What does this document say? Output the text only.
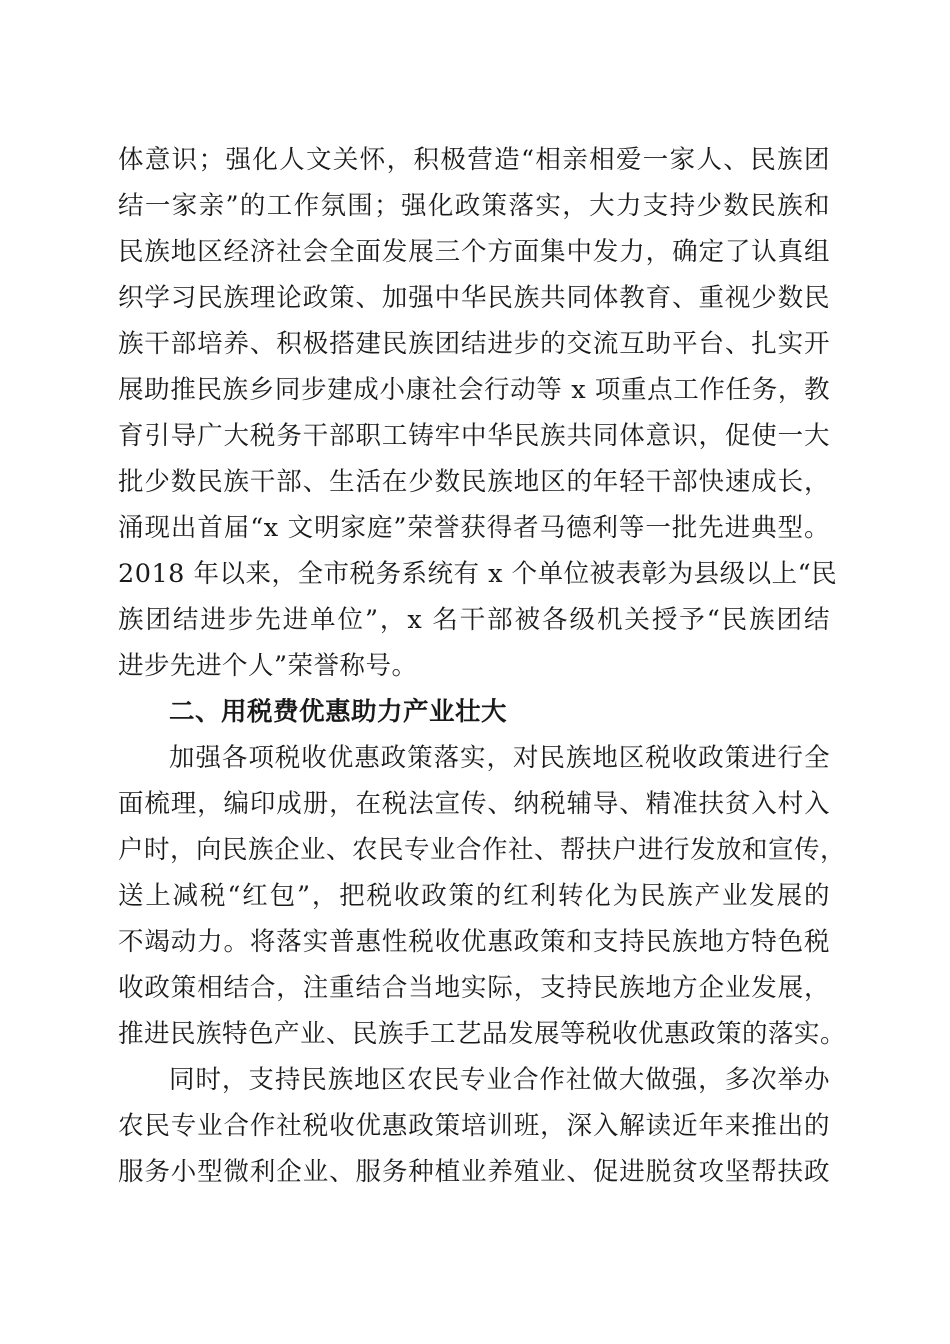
体意识；强化人文关怀，积极营造“相亲相爱一家人、民族团
结一家亲”的工作氛围；强化政策落实，大力支持少数民族和
民族地区经济社会全面发展三个方面集中发力，确定了认真组
织学习民族理论政策、加强中华民族共同体教育、重视少数民
族干部培养、积极搭建民族团结进步的交流互助平台、扎实开
展助推民族乡同步建成小康社会行动等 x 项重点工作任务，教
育引导广大税务干部职工铸牢中华民族共同体意识，促使一大
批少数民族干部、生活在少数民族地区的年轻干部快速成长，
涌现出首届“x 文明家庭”荣誉获得者马德利等一批先进典型。
2018 年以来，全市税务系统有 x 个单位被表彰为县级以上“民
族团结进步先进单位”，x 名干部被各级机关授予“民族团结
进步先进个人”荣誉称号。
二、用税费优惠助力产业壮大
加强各项税收优惠政策落实，对民族地区税收政策进行全
面梳理，编印成册，在税法宣传、纳税辅导、精准扶贫入村入
户时，向民族企业、农民专业合作社、帮扶户进行发放和宣传，
送上减税“红包”，把税收政策的红利转化为民族产业发展的
不竭动力。将落实普惠性税收优惠政策和支持民族地方特色税
收政策相结合，注重结合当地实际，支持民族地方企业发展，
推进民族特色产业、民族手工艺品发展等税收优惠政策的落实。
同时，支持民族地区农民专业合作社做大做强，多次举办
农民专业合作社税收优惠政策培训班，深入解读近年来推出的
服务小型微利企业、服务种植业养殖业、促进脱贫攻坚帮扶政
